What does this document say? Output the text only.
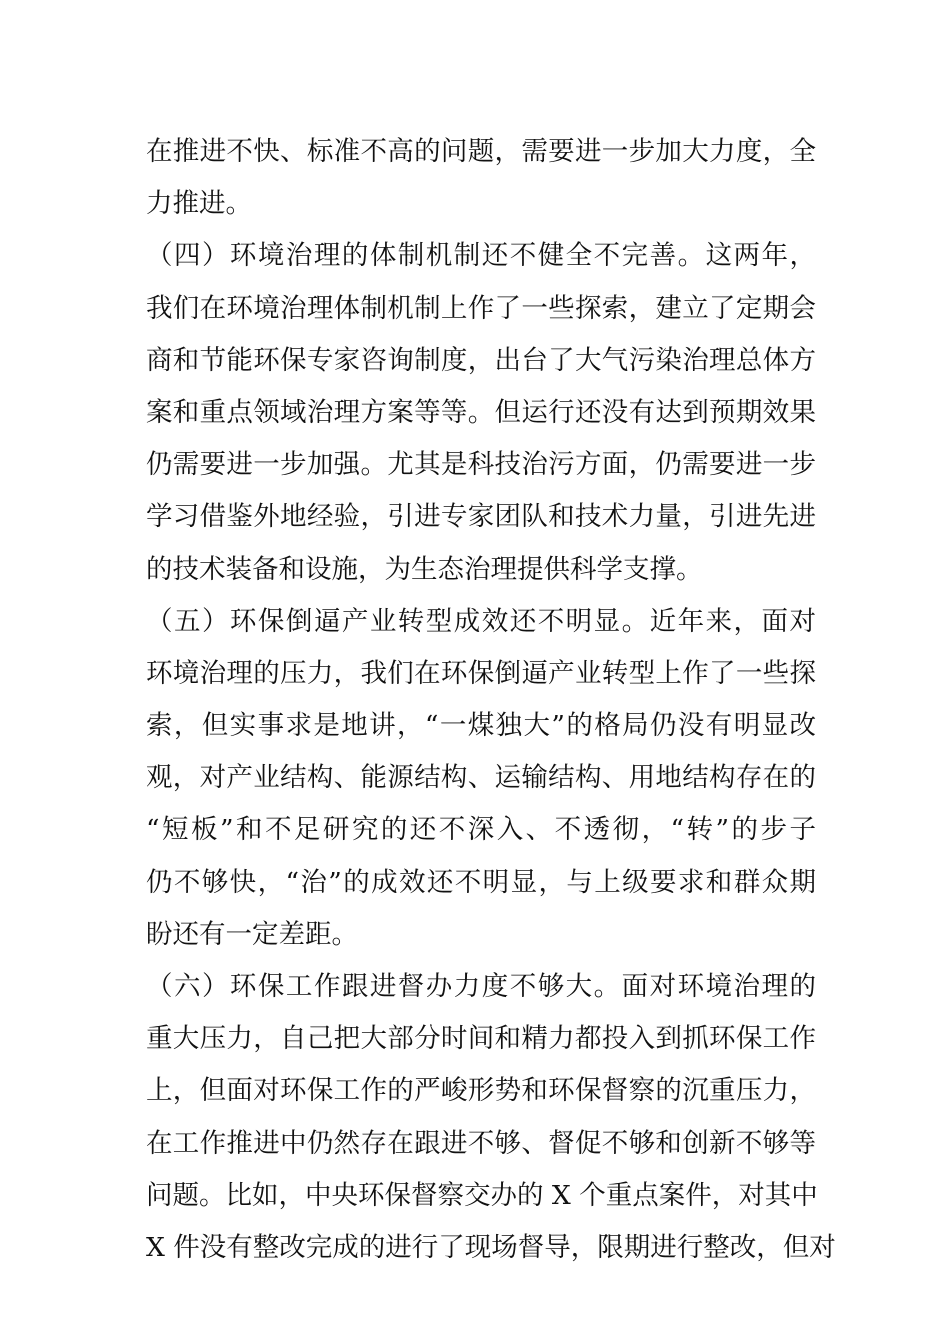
在推进不快、标准不高的问题，需要进一步加大力度，全
力推进。
（四）环境治理的体制机制还不健全不完善。这两年，
我们在环境治理体制机制上作了一些探索，建立了定期会
商和节能环保专家咨询制度，出台了大气污染治理总体方
案和重点领域治理方案等等。但运行还没有达到预期效果
仍需要进一步加强。尤其是科技治污方面，仍需要进一步
学习借鉴外地经验，引进专家团队和技术力量，引进先进
的技术装备和设施，为生态治理提供科学支撑。
（五）环保倒逼产业转型成效还不明显。近年来，面对
环境治理的压力，我们在环保倒逼产业转型上作了一些探
索，但实事求是地讲，“一煤独大”的格局仍没有明显改
观，对产业结构、能源结构、运输结构、用地结构存在的
“短板”和不足研究的还不深入、不透彻，“转”的步子
仍不够快，“治”的成效还不明显，与上级要求和群众期
盼还有一定差距。
（六）环保工作跟进督办力度不够大。面对环境治理的
重大压力，自己把大部分时间和精力都投入到抓环保工作
上，但面对环保工作的严峻形势和环保督察的沉重压力，
在工作推进中仍然存在跟进不够、督促不够和创新不够等
问题。比如，中央环保督察交办的 X 个重点案件，对其中
X 件没有整改完成的进行了现场督导，限期进行整改，但对
